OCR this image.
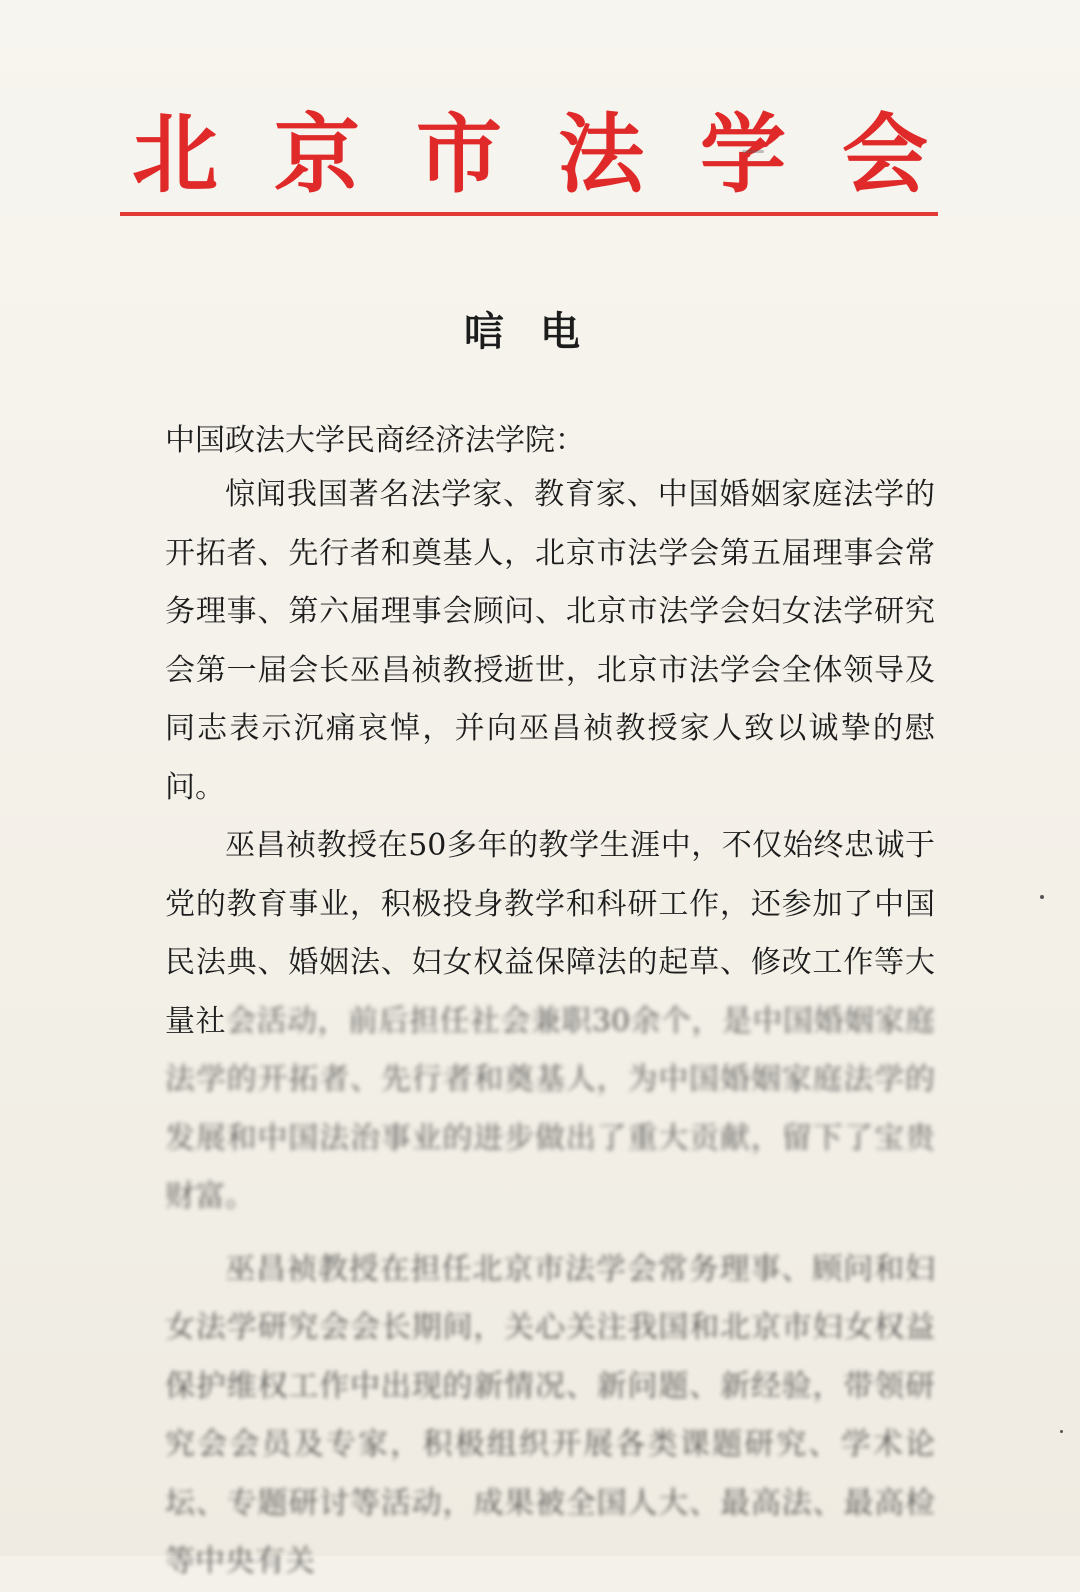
北 京 市 法 学 会
唁电
中国政法大学民商经济法学院：

惊闻我国著名法学家、教育家、中国婚姻家庭法学的开拓者、先行者和奠基人，北京市法学会第五届理事会常务理事、第六届理事会顾问、北京市法学会妇女法学研究会第一届会长巫昌祯教授逝世，北京市法学会全体领导及同志表示沉痛哀悼，并向巫昌祯教授家人致以诚挚的慰问。

巫昌祯教授在50多年的教学生涯中，不仅始终忠诚于党的教育事业，积极投身教学和科研工作，还参加了中国民法典、婚姻法、妇女权益保障法的起草、修改工作等大量社会活动，前后担任社会兼职30余个，是中国婚姻家庭法学的开拓者、先行者和奠基人，为中国婚姻家庭法学的发展和中国法治事业的进步做出了重大贡献，留下了宝贵财富。

巫昌祯教授在担任北京市法学会常务理事、顾问和妇女法学研究会会长期间，关心关注我国和北京市妇女权益保护维权工作中出现的新情况、新问题、新经验，带领研究会会员及专家，积极组织开展各类课题研究、学术论坛、专题研讨等活动，成果被全国人大、最高法、最高检等中央有关
